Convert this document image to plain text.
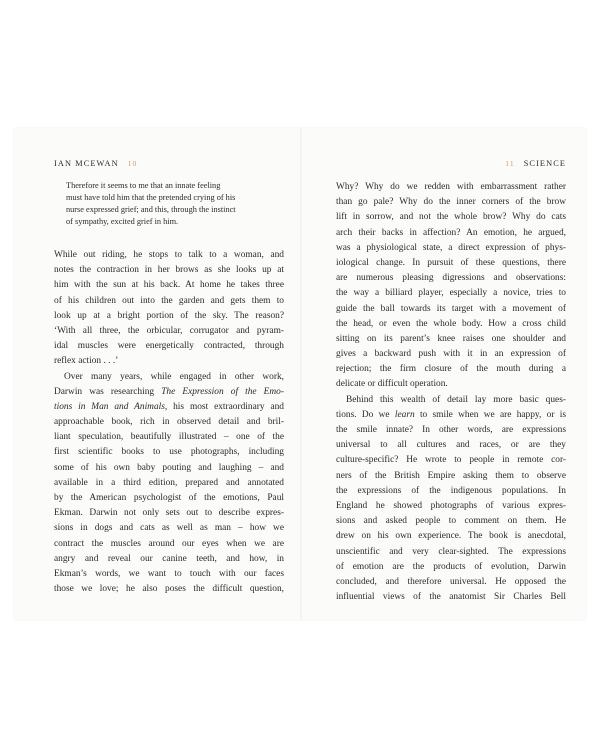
IAN MCEWAN 10
Therefore it seems to me that an innate feeling
must have told him that the pretended crying of his
nurse expressed grief; and this, through the instinct
of sympathy, excited grief in him.
While out riding, he stops to talk to a woman, and
notes the contraction in her brows as she looks up at
him with the sun at his back. At home he takes three
of his children out into the garden and gets them to
look up at a bright portion of the sky. The reason?
‘With all three, the orbicular, corrugator and pyram-
idal muscles were energetically contracted, through
reflex action . . .’
Over many years, while engaged in other work,
Darwin was researching The Expression of the Emo-
tions in Man and Animals, his most extraordinary and
approachable book, rich in observed detail and bril-
liant speculation, beautifully illustrated – one of the
first scientific books to use photographs, including
some of his own baby pouting and laughing – and
available in a third edition, prepared and annotated
by the American psychologist of the emotions, Paul
Ekman. Darwin not only sets out to describe expres-
sions in dogs and cats as well as man – how we
contract the muscles around our eyes when we are
angry and reveal our canine teeth, and how, in
Ekman’s words, we want to touch with our faces
those we love; he also poses the difficult question,
11 SCIENCE
Why? Why do we redden with embarrassment rather
than go pale? Why do the inner corners of the brow
lift in sorrow, and not the whole brow? Why do cats
arch their backs in affection? An emotion, he argued,
was a physiological state, a direct expression of phys-
iological change. In pursuit of these questions, there
are numerous pleasing digressions and observations:
the way a billiard player, especially a novice, tries to
guide the ball towards its target with a movement of
the head, or even the whole body. How a cross child
sitting on its parent’s knee raises one shoulder and
gives a backward push with it in an expression of
rejection; the firm closure of the mouth during a
delicate or difficult operation.
Behind this wealth of detail lay more basic ques-
tions. Do we learn to smile when we are happy, or is
the smile innate? In other words, are expressions
universal to all cultures and races, or are they
culture-specific? He wrote to people in remote cor-
ners of the British Empire asking them to observe
the expressions of the indigenous populations. In
England he showed photographs of various expres-
sions and asked people to comment on them. He
drew on his own experience. The book is anecdotal,
unscientific and very clear-sighted. The expressions
of emotion are the products of evolution, Darwin
concluded, and therefore universal. He opposed the
influential views of the anatomist Sir Charles Bell
